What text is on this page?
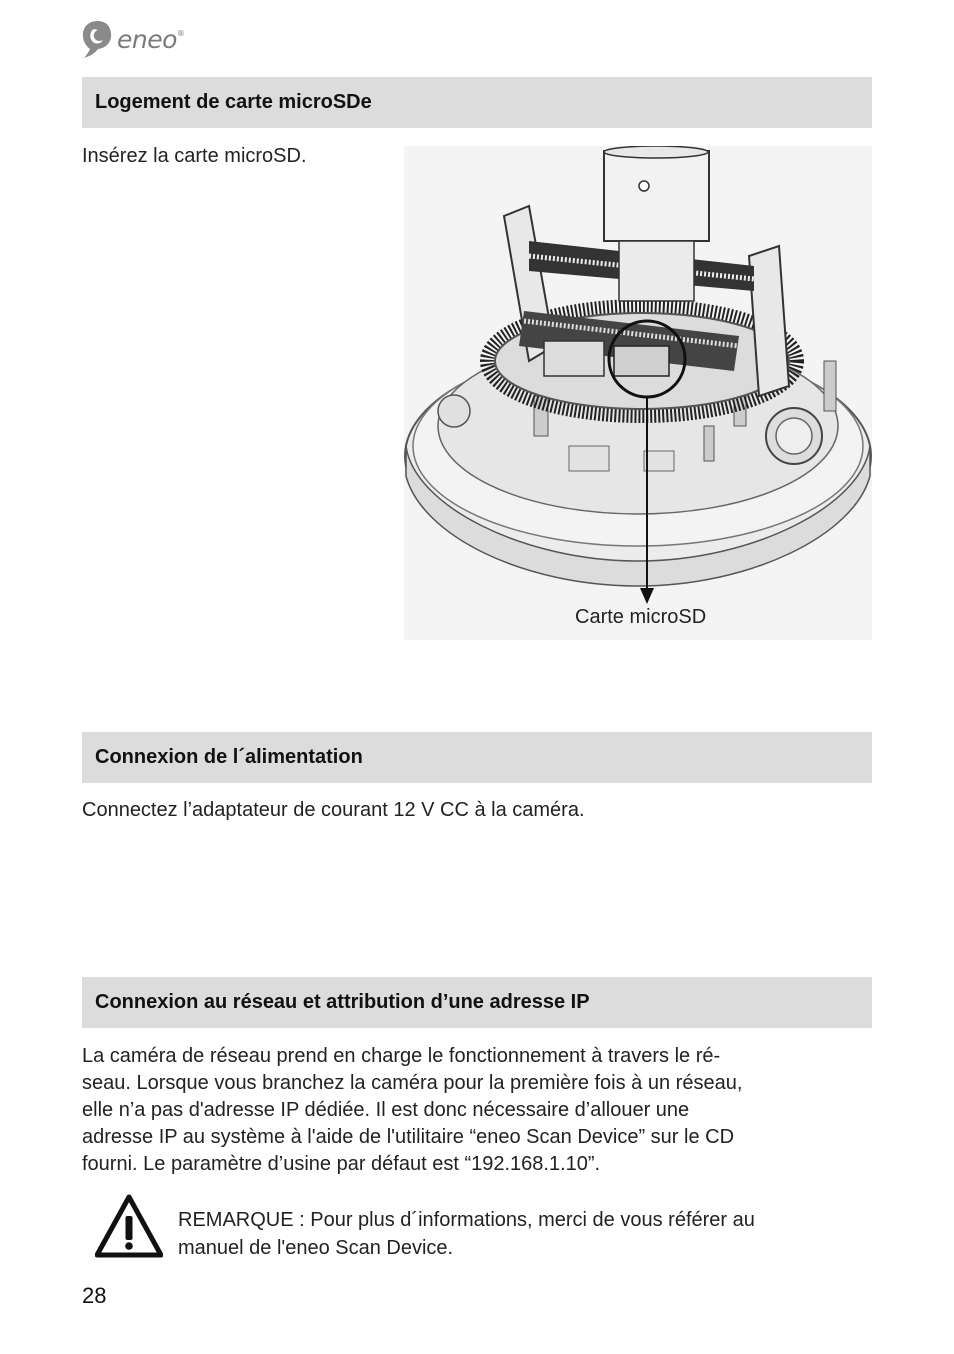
eneo®
Logement de carte microSDe
Insérez la carte microSD.
Carte microSD
Connexion de l´alimentation
Connectez l’adaptateur de courant 12 V CC à la caméra.
Connexion au réseau et attribution d’une adresse IP
La caméra de réseau prend en charge le fonctionnement à travers le ré-
seau. Lorsque vous branchez la caméra pour la première fois à un réseau,
elle n’a pas d'adresse IP dédiée. Il est donc nécessaire d’allouer une
adresse IP au système à l'aide de l'utilitaire “eneo Scan Device” sur le CD
fourni. Le paramètre d’usine par défaut est “192.168.1.10”.
REMARQUE : Pour plus d´informations, merci de vous référer au
manuel de l'eneo Scan Device.
28
